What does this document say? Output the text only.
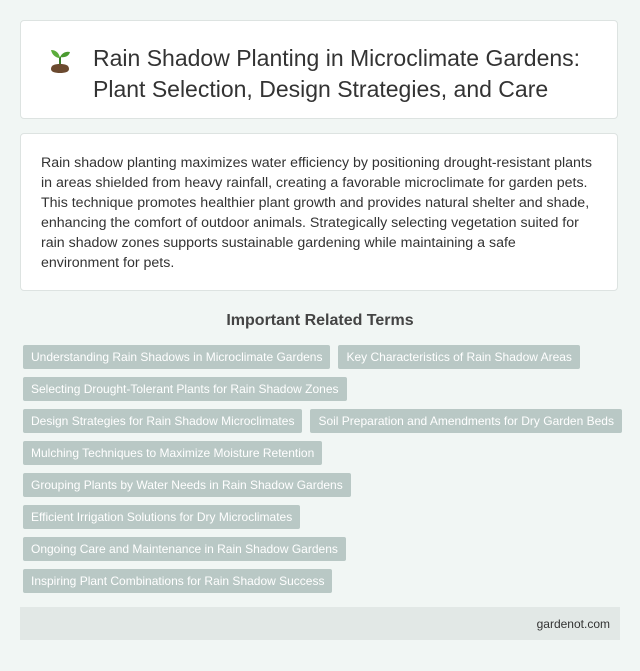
Rain Shadow Planting in Microclimate Gardens: Plant Selection, Design Strategies, and Care

Rain shadow planting maximizes water efficiency by positioning drought-resistant plants in areas shielded from heavy rainfall, creating a favorable microclimate for garden pets. This technique promotes healthier plant growth and provides natural shelter and shade, enhancing the comfort of outdoor animals. Strategically selecting vegetation suited for rain shadow zones supports sustainable gardening while maintaining a safe environment for pets.

Important Related Terms
Understanding Rain Shadows in Microclimate Gardens	Key Characteristics of Rain Shadow Areas
Selecting Drought-Tolerant Plants for Rain Shadow Zones
Design Strategies for Rain Shadow Microclimates	Soil Preparation and Amendments for Dry Garden Beds
Mulching Techniques to Maximize Moisture Retention
Grouping Plants by Water Needs in Rain Shadow Gardens
Efficient Irrigation Solutions for Dry Microclimates
Ongoing Care and Maintenance in Rain Shadow Gardens
Inspiring Plant Combinations for Rain Shadow Success
gardenot.com
